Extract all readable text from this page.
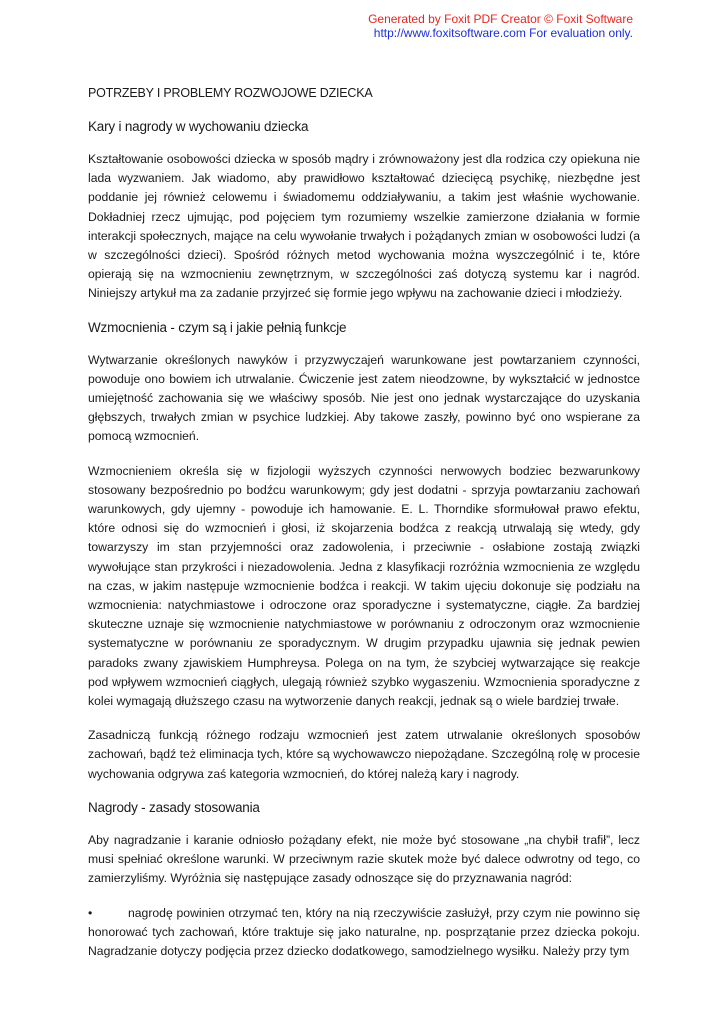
Generated by Foxit PDF Creator © Foxit Software
http://www.foxitsoftware.com For evaluation only.
POTRZEBY I PROBLEMY ROZWOJOWE DZIECKA
Kary i nagrody w wychowaniu dziecka

Kształtowanie osobowości dziecka w sposób mądry i zrównoważony jest dla rodzica czy opiekuna nie lada wyzwaniem. Jak wiadomo, aby prawidłowo kształtować dziecięcą psychikę, niezbędne jest poddanie jej również celowemu i świadomemu oddziaływaniu, a takim jest właśnie wychowanie. Dokładniej rzecz ujmując, pod pojęciem tym rozumiemy wszelkie zamierzone działania w formie interakcji społecznych, mające na celu wywołanie trwałych i pożądanych zmian w osobowości ludzi (a w szczególności dzieci). Spośród różnych metod wychowania można wyszczególnić i te, które opierają się na wzmocnieniu zewnętrznym, w szczególności zaś dotyczą systemu kar i nagród. Niniejszy artykuł ma za zadanie przyjrzeć się formie jego wpływu na zachowanie dzieci i młodzieży.

Wzmocnienia - czym są i jakie pełnią funkcje

Wytwarzanie określonych nawyków i przyzwyczajeń warunkowane jest powtarzaniem czynności, powoduje ono bowiem ich utrwalanie. Ćwiczenie jest zatem nieodzowne, by wykształcić w jednostce umiejętność zachowania się we właściwy sposób. Nie jest ono jednak wystarczające do uzyskania głębszych, trwałych zmian w psychice ludzkiej. Aby takowe zaszły, powinno być ono wspierane za pomocą wzmocnień.

Wzmocnieniem określa się w fizjologii wyższych czynności nerwowych bodziec bezwarunkowy stosowany bezpośrednio po bodźcu warunkowym; gdy jest dodatni - sprzyja powtarzaniu zachowań warunkowych, gdy ujemny - powoduje ich hamowanie. E. L. Thorndike sformułował prawo efektu, które odnosi się do wzmocnień i głosi, iż skojarzenia bodźca z reakcją utrwalają się wtedy, gdy towarzyszy im stan przyjemności oraz zadowolenia, i przeciwnie - osłabione zostają związki wywołujące stan przykrości i niezadowolenia. Jedna z klasyfikacji rozróżnia wzmocnienia ze względu na czas, w jakim następuje wzmocnienie bodźca i reakcji. W takim ujęciu dokonuje się podziału na wzmocnienia: natychmiastowe i odroczone oraz sporadyczne i systematyczne, ciągłe. Za bardziej skuteczne uznaje się wzmocnienie natychmiastowe w porównaniu z odroczonym oraz wzmocnienie systematyczne w porównaniu ze sporadycznym. W drugim przypadku ujawnia się jednak pewien paradoks zwany zjawiskiem Humphreysa. Polega on na tym, że szybciej wytwarzające się reakcje pod wpływem wzmocnień ciągłych, ulegają również szybko wygaszeniu. Wzmocnienia sporadyczne z kolei wymagają dłuższego czasu na wytworzenie danych reakcji, jednak są o wiele bardziej trwałe.

Zasadniczą funkcją różnego rodzaju wzmocnień jest zatem utrwalanie określonych sposobów zachowań, bądź też eliminacja tych, które są wychowawczo niepożądane. Szczególną rolę w procesie wychowania odgrywa zaś kategoria wzmocnień, do której należą kary i nagrody.

Nagrody - zasady stosowania

Aby nagradzanie i karanie odniosło pożądany efekt, nie może być stosowane „na chybił trafił”, lecz musi spełniać określone warunki. W przeciwnym razie skutek może być dalece odwrotny od tego, co zamierzyliśmy. Wyróżnia się następujące zasady odnoszące się do przyznawania nagród:

•	nagrodę powinien otrzymać ten, który na nią rzeczywiście zasłużył, przy czym nie powinno się honorować tych zachowań, które traktuje się jako naturalne, np. posprzątanie przez dziecka pokoju. Nagradzanie dotyczy podjęcia przez dziecko dodatkowego, samodzielnego wysiłku. Należy przy tym
